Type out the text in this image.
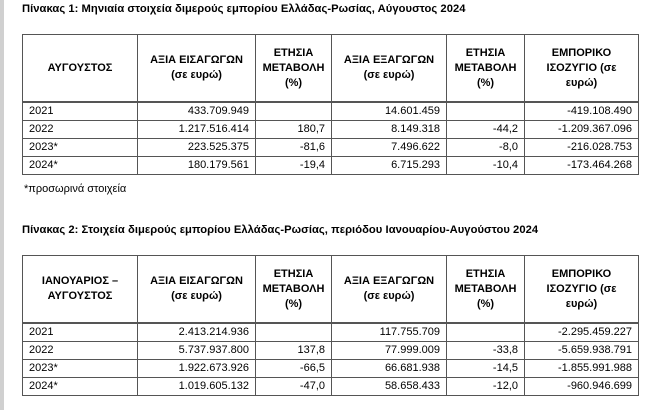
Πίνακας 1: Μηνιαία στοιχεία διμερούς εμπορίου Ελλάδας-Ρωσίας, Αύγουστος 2024
ΑΥΓΟΥΣΤΟΣ	ΑΞΙΑ ΕΙΣΑΓΩΓΩΝ (σε ευρώ)	ΕΤΗΣΙΑ ΜΕΤΑΒΟΛΗ (%)	ΑΞΙΑ ΕΞΑΓΩΓΩΝ (σε ευρώ)	ΕΤΗΣΙΑ ΜΕΤΑΒΟΛΗ (%)	ΕΜΠΟΡΙΚΟ ΙΣΟΖΥΓΙΟ (σε ευρώ)
2021	433.709.949		14.601.459		-419.108.490
2022	1.217.516.414	180,7	8.149.318	-44,2	-1.209.367.096
2023*	223.525.375	-81,6	7.496.622	-8,0	-216.028.753
2024*	180.179.561	-19,4	6.715.293	-10,4	-173.464.268
*προσωρινά στοιχεία
Πίνακας 2: Στοιχεία διμερούς εμπορίου Ελλάδας-Ρωσίας, περιόδου Ιανουαρίου-Αυγούστου 2024
ΙΑΝΟΥΑΡΙΟΣ – ΑΥΓΟΥΣΤΟΣ	ΑΞΙΑ ΕΙΣΑΓΩΓΩΝ (σε ευρώ)	ΕΤΗΣΙΑ ΜΕΤΑΒΟΛΗ (%)	ΑΞΙΑ ΕΞΑΓΩΓΩΝ (σε ευρώ)	ΕΤΗΣΙΑ ΜΕΤΑΒΟΛΗ (%)	ΕΜΠΟΡΙΚΟ ΙΣΟΖΥΓΙΟ (σε ευρώ)
2021	2.413.214.936		117.755.709		-2.295.459.227
2022	5.737.937.800	137,8	77.999.009	-33,8	-5.659.938.791
2023*	1.922.673.926	-66,5	66.681.938	-14,5	-1.855.991.988
2024*	1.019.605.132	-47,0	58.658.433	-12,0	-960.946.699
